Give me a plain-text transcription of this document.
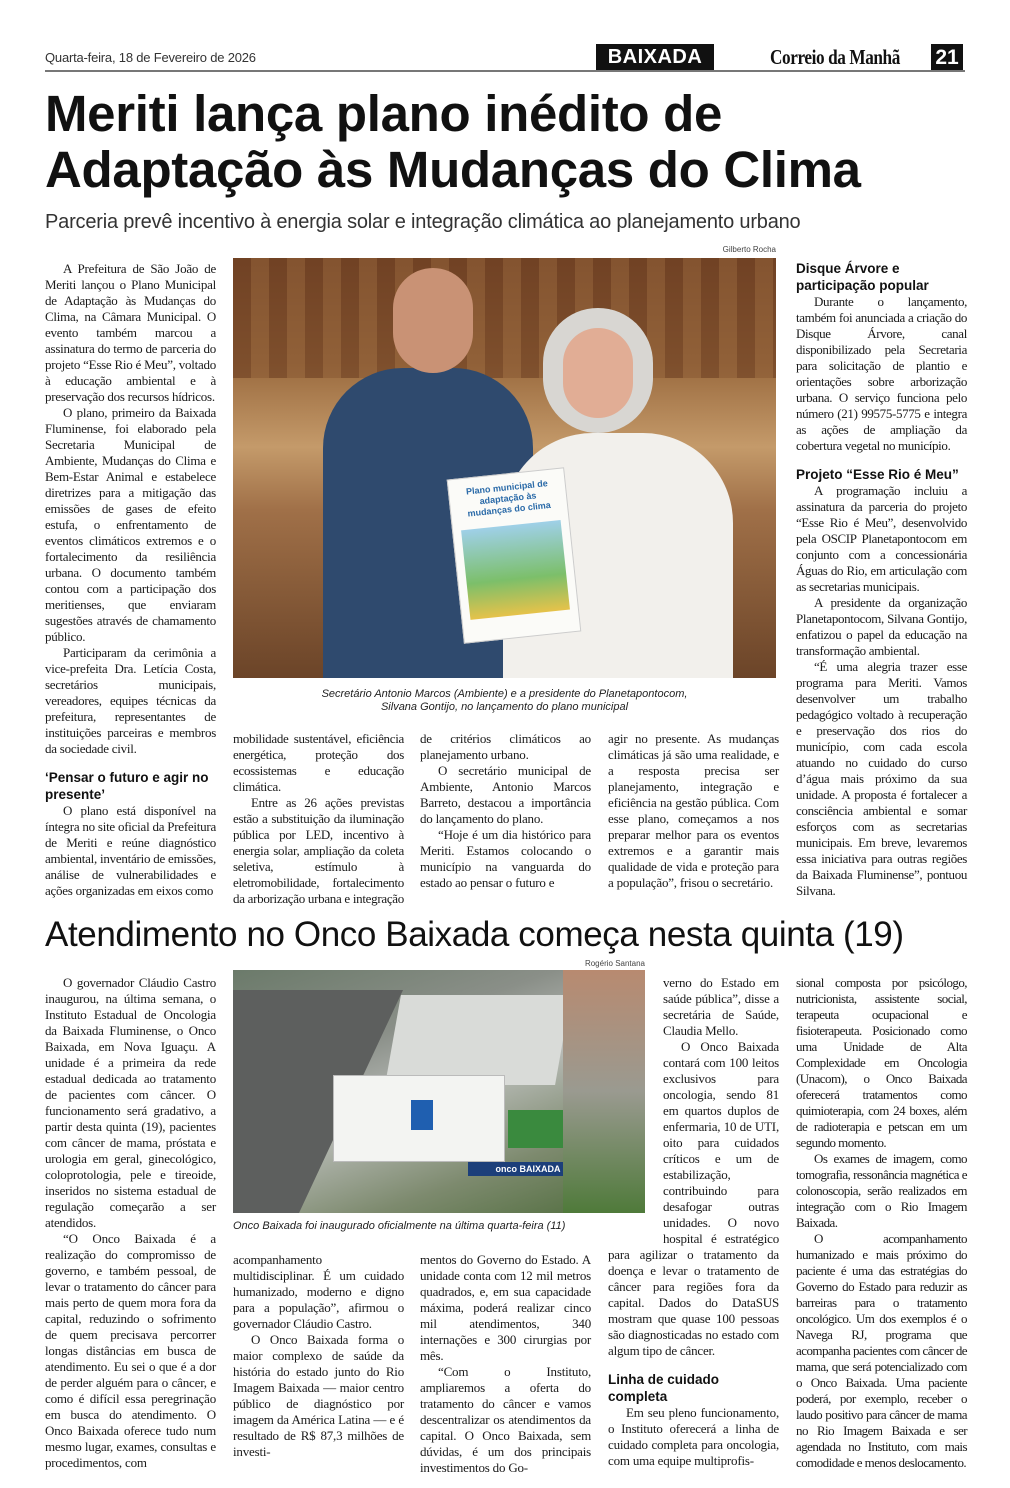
Quarta-feira, 18 de Fevereiro de 2026	BAIXADA	Correio da Manhã 21
Meriti lança plano inédito de
Adaptação às Mudanças do Clima
Parceria prevê incentivo à energia solar e integração climática ao planejamento urbano
Gilberto Rocha
Plano municipal de adaptação às mudanças do clima
Secretário Antonio Marcos (Ambiente) e a presidente do Planetapontocom,
Silvana Gontijo, no lançamento do plano municipal

A Prefeitura de São João de Meriti lançou o Plano Municipal de Adaptação às Mudanças do Clima, na Câmara Municipal. O evento também marcou a assinatura do termo de parceria do projeto “Esse Rio é Meu”, voltado à educação ambiental e à preservação dos recursos hídricos.

O plano, primeiro da Baixada Fluminense, foi elaborado pela Secretaria Municipal de Ambiente, Mudanças do Clima e Bem-Estar Animal e estabelece diretrizes para a mitigação das emissões de gases de efeito estufa, o enfrentamento de eventos climáticos extremos e o fortalecimento da resiliência urbana. O documento também contou com a participação dos meritienses, que enviaram sugestões através de chamamento público.

Participaram da cerimônia a vice-prefeita Dra. Letícia Costa, secretários municipais, vereadores, equipes técnicas da prefeitura, representantes de instituições parceiras e membros da sociedade civil.

‘Pensar o futuro e agir no presente’

O plano está disponível na íntegra no site oficial da Prefeitura de Meriti e reúne diagnóstico ambiental, inventário de emissões, análise de vulnerabilidades e ações organizadas em eixos como

mobilidade sustentável, eficiência energética, proteção dos ecossistemas e educação climática.

Entre as 26 ações previstas estão a substituição da iluminação pública por LED, incentivo à energia solar, ampliação da coleta seletiva, estímulo à eletromobilidade, fortalecimento da arborização urbana e integração

de critérios climáticos ao planejamento urbano.

O secretário municipal de Ambiente, Antonio Marcos Barreto, destacou a importância do lançamento do plano.

“Hoje é um dia histórico para Meriti. Estamos colocando o município na vanguarda do estado ao pensar o futuro e

agir no presente. As mudanças climáticas já são uma realidade, e a resposta precisa ser planejamento, integração e eficiência na gestão pública. Com esse plano, começamos a nos preparar melhor para os eventos extremos e a garantir mais qualidade de vida e proteção para a população”, frisou o secretário.

Disque Árvore e participação popular

Durante o lançamento, também foi anunciada a criação do Disque Árvore, canal disponibilizado pela Secretaria para solicitação de plantio e orientações sobre arborização urbana. O serviço funciona pelo número (21) 99575-5775 e integra as ações de ampliação da cobertura vegetal no município.

Projeto “Esse Rio é Meu”

A programação incluiu a assinatura da parceria do projeto “Esse Rio é Meu”, desenvolvido pela OSCIP Planetapontocom em conjunto com a concessionária Águas do Rio, em articulação com as secretarias municipais.

A presidente da organização Planetapontocom, Silvana Gontijo, enfatizou o papel da educação na transformação ambiental.

“É uma alegria trazer esse programa para Meriti. Vamos desenvolver um trabalho pedagógico voltado à recuperação e preservação dos rios do município, com cada escola atuando no cuidado do curso d’água mais próximo da sua unidade. A proposta é fortalecer a consciência ambiental e somar esforços com as secretarias municipais. Em breve, levaremos essa iniciativa para outras regiões da Baixada Fluminense”, pontuou Silvana.

Atendimento no Onco Baixada começa nesta quinta (19)
Rogério Santana
onco BAIXADA
Onco Baixada foi inaugurado oficialmente na última quarta-feira (11)

O governador Cláudio Castro inaugurou, na última semana, o Instituto Estadual de Oncologia da Baixada Fluminense, o Onco Baixada, em Nova Iguaçu. A unidade é a primeira da rede estadual dedicada ao tratamento de pacientes com câncer. O funcionamento será gradativo, a partir desta quinta (19), pacientes com câncer de mama, próstata e urologia em geral, ginecológico, coloprotologia, pele e tireoide, inseridos no sistema estadual de regulação começarão a ser atendidos.

“O Onco Baixada é a realização do compromisso de governo, e também pessoal, de levar o tratamento do câncer para mais perto de quem mora fora da capital, reduzindo o sofrimento de quem precisava percorrer longas distâncias em busca de atendimento. Eu sei o que é a dor de perder alguém para o câncer, e como é difícil essa peregrinação em busca do atendimento. O Onco Baixada oferece tudo num mesmo lugar, exames, consultas e procedimentos, com

acompanhamento multidisciplinar. É um cuidado humanizado, moderno e digno para a população”, afirmou o governador Cláudio Castro.

O Onco Baixada forma o maior complexo de saúde da história do estado junto do Rio Imagem Baixada — maior centro público de diagnóstico por imagem da América Latina — e é resultado de R$ 87,3 milhões de investi-

mentos do Governo do Estado. A unidade conta com 12 mil metros quadrados, e, em sua capacidade máxima, poderá realizar cinco mil atendimentos, 340 internações e 300 cirurgias por mês.

“Com o Instituto, ampliaremos a oferta do tratamento do câncer e vamos descentralizar os atendimentos da capital. O Onco Baixada, sem dúvidas, é um dos principais investimentos do Go-

verno do Estado em saúde pública”, disse a secretária de Saúde, Claudia Mello.

O Onco Baixada contará com 100 leitos exclusivos para oncologia, sendo 81 em quartos duplos de enfermaria, 10 de UTI, oito para cuidados críticos e um de estabilização, contribuindo para desafogar outras unidades. O novo hospital é estratégico para agilizar o tratamento da doença e levar o tratamento de câncer para regiões fora da capital. Dados do DataSUS mostram que quase 100 pessoas são diagnosticadas no estado com algum tipo de câncer.

Linha de cuidado completa

Em seu pleno funcionamento, o Instituto oferecerá a linha de cuidado completa para oncologia, com uma equipe multiprofis-

sional composta por psicólogo, nutricionista, assistente social, terapeuta ocupacional e fisioterapeuta. Posicionado como uma Unidade de Alta Complexidade em Oncologia (Unacom), o Onco Baixada oferecerá tratamentos como quimioterapia, com 24 boxes, além de radioterapia e petscan em um segundo momento.

Os exames de imagem, como tomografia, ressonância magnética e colonoscopia, serão realizados em integração com o Rio Imagem Baixada.

O acompanhamento humanizado e mais próximo do paciente é uma das estratégias do Governo do Estado para reduzir as barreiras para o tratamento oncológico. Um dos exemplos é o Navega RJ, programa que acompanha pacientes com câncer de mama, que será potencializado com o Onco Baixada. Uma paciente poderá, por exemplo, receber o laudo positivo para câncer de mama no Rio Imagem Baixada e ser agendada no Instituto, com mais comodidade e menos deslocamento.
